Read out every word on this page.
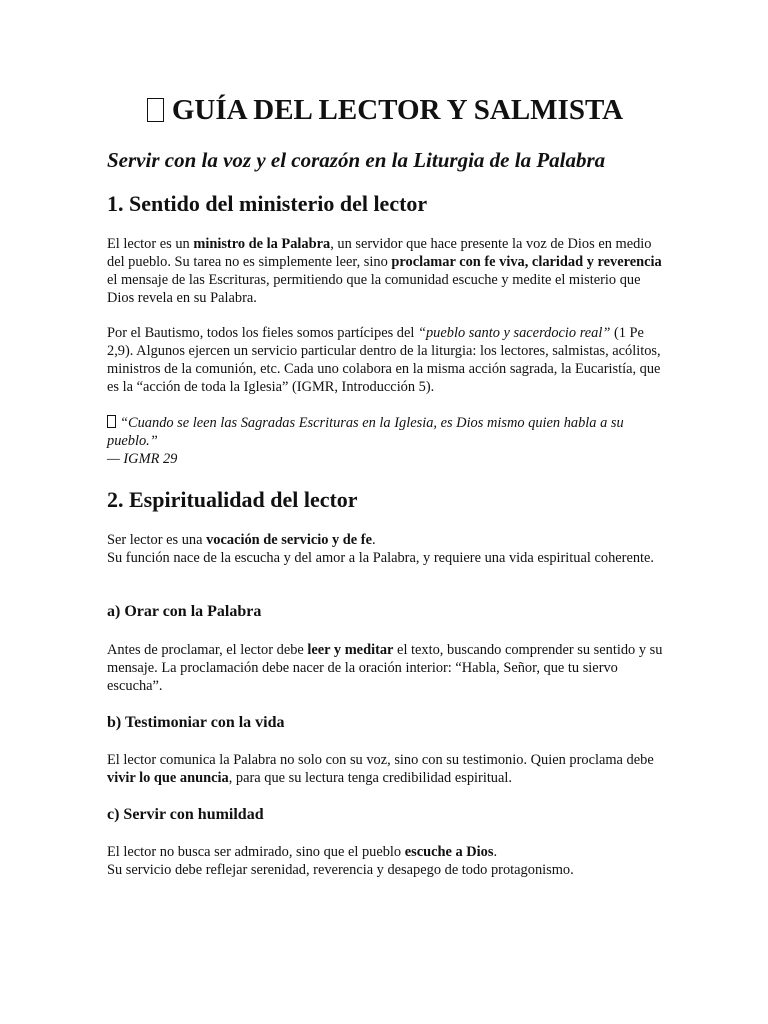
GUÍA DEL LECTOR Y SALMISTA
Servir con la voz y el corazón en la Liturgia de la Palabra
1. Sentido del ministerio del lector

El lector es un ministro de la Palabra, un servidor que hace presente la voz de Dios en medio del pueblo. Su tarea no es simplemente leer, sino proclamar con fe viva, claridad y reverencia el mensaje de las Escrituras, permitiendo que la comunidad escuche y medite el misterio que Dios revela en su Palabra.

Por el Bautismo, todos los fieles somos partícipes del “pueblo santo y sacerdocio real” (1 Pe 2,9). Algunos ejercen un servicio particular dentro de la liturgia: los lectores, salmistas, acólitos, ministros de la comunión, etc. Cada uno colabora en la misma acción sagrada, la Eucaristía, que es la “acción de toda la Iglesia” (IGMR, Introducción 5).

“Cuando se leen las Sagradas Escrituras en la Iglesia, es Dios mismo quien habla a su pueblo.”
— IGMR 29

2. Espiritualidad del lector

Ser lector es una vocación de servicio y de fe.
Su función nace de la escucha y del amor a la Palabra, y requiere una vida espiritual coherente.

a) Orar con la Palabra

Antes de proclamar, el lector debe leer y meditar el texto, buscando comprender su sentido y su mensaje. La proclamación debe nacer de la oración interior: “Habla, Señor, que tu siervo escucha”.

b) Testimoniar con la vida

El lector comunica la Palabra no solo con su voz, sino con su testimonio. Quien proclama debe vivir lo que anuncia, para que su lectura tenga credibilidad espiritual.

c) Servir con humildad

El lector no busca ser admirado, sino que el pueblo escuche a Dios.
Su servicio debe reflejar serenidad, reverencia y desapego de todo protagonismo.
